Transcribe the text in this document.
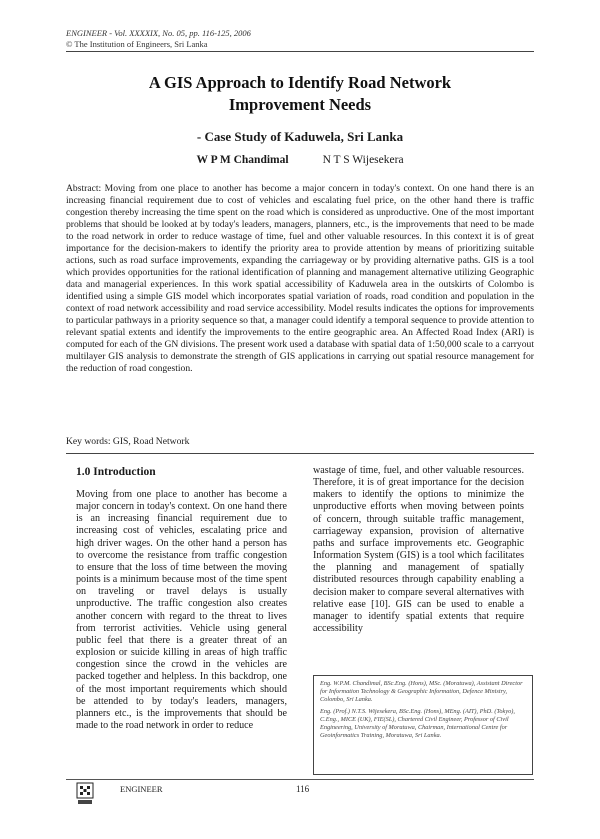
ENGINEER - Vol. XXXXIX, No. 05, pp. 116-125, 2006
© The Institution of Engineers, Sri Lanka
A GIS Approach to Identify Road Network
Improvement Needs
- Case Study of Kaduwela, Sri Lanka
W P M Chandimal	N T S Wijesekera
Abstract: Moving from one place to another has become a major concern in today's context. On one hand there is an increasing financial requirement due to cost of vehicles and escalating fuel price, on the other hand there is traffic congestion thereby increasing the time spent on the road which is considered as unproductive. One of the most important problems that should be looked at by today's leaders, managers, planners, etc., is the improvements that need to be made to the road network in order to reduce wastage of time, fuel and other valuable resources. In this context it is of great importance for the decision-makers to identify the priority area to provide attention by means of prioritizing suitable actions, such as road surface improvements, expanding the carriageway or by providing alternative paths. GIS is a tool which provides opportunities for the rational identification of planning and management alternative utilizing Geographic data and managerial experiences. In this work spatial accessibility of Kaduwela area in the outskirts of Colombo is identified using a simple GIS model which incorporates spatial variation of roads, road condition and population in the context of road network accessibility and road service accessibility. Model results indicates the options for improvements to particular pathways in a priority sequence so that, a manager could identify a temporal sequence to provide attention to relevant spatial extents and identify the improvements to the entire geographic area. An Affected Road Index (ARI) is computed for each of the GN divisions. The present work used a database with spatial data of 1:50,000 scale to a carryout multilayer GIS analysis to demonstrate the strength of GIS applications in carrying out spatial resource management for the reduction of road congestion.
Key words: GIS, Road Network
1.0 Introduction
Moving from one place to another has become a major concern in today's context. On one hand there is an increasing financial requirement due to increasing cost of vehicles, escalating price and high driver wages. On the other hand a person has to overcome the resistance from traffic congestion to ensure that the loss of time between the moving points is a minimum because most of the time spent on traveling or travel delays is usually unproductive. The traffic congestion also creates another concern with regard to the threat to lives from terrorist activities. Vehicle using general public feel that there is a greater threat of an explosion or suicide killing in areas of high traffic congestion since the crowd in the vehicles are packed together and helpless. In this backdrop, one of the most important requirements which should be attended to by today's leaders, managers, planners etc., is the improvements that should be made to the road network in order to reduce
wastage of time, fuel, and other valuable resources. Therefore, it is of great importance for the decision makers to identify the options to minimize the unproductive efforts when moving between points of concern, through suitable traffic management, carriageway expansion, provision of alternative paths and surface improvements etc. Geographic Information System (GIS) is a tool which facilitates the planning and management of spatially distributed resources through capability enabling a decision maker to compare several alternatives with relative ease [10]. GIS can be used to enable a manager to identify spatial extents that require accessibility
Eng. W.P.M. Chandimal, BSc.Eng. (Hons), MSc. (Moratuwa), Assistant Director for Information Technology & Geographic Information, Defence Ministry, Colombo, Sri Lanka.
Eng. (Prof.) N.T.S. Wijesekera, BSc.Eng. (Hons), MEng. (AIT), PhD. (Tokyo), C.Eng., MICE (UK), FIE(SL), Chartered Civil Engineer, Professor of Civil Engineering, University of Moratuwa, Chairman, International Centre for Geoinformatics Training, Moratuwa, Sri Lanka.
ENGINEER	116
